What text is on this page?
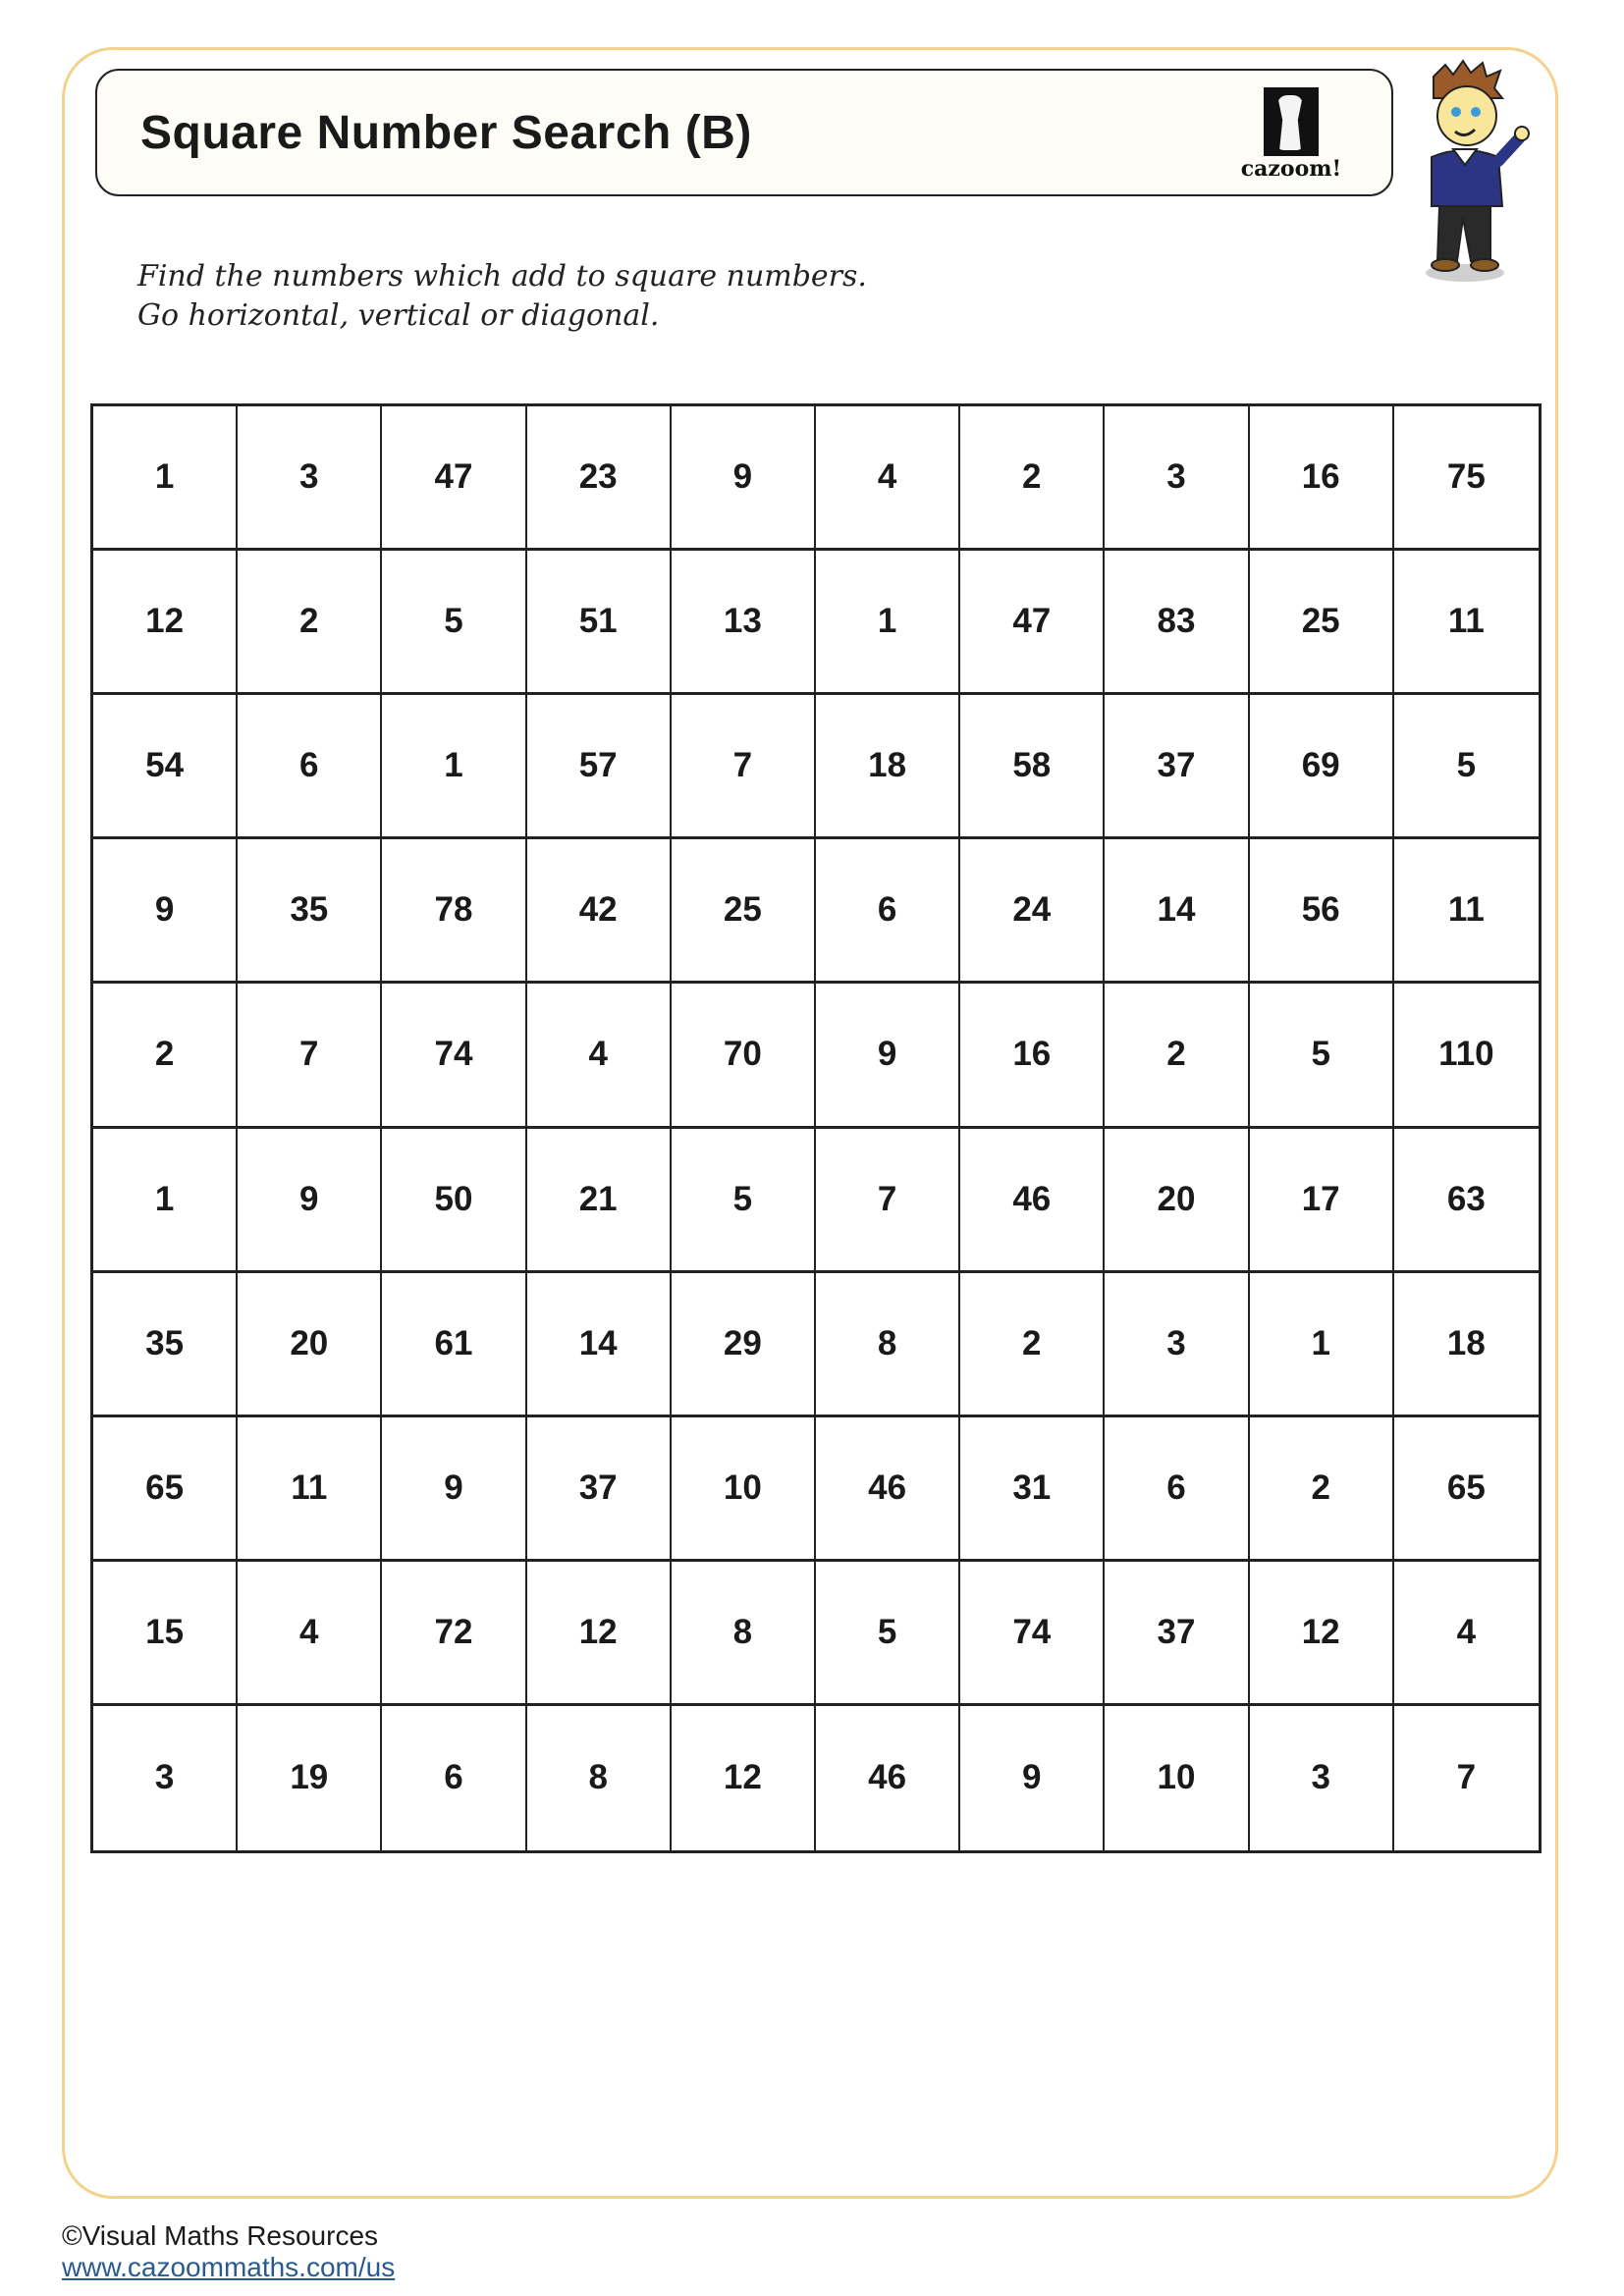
Square Number Search (B)
cazoom!
Find the numbers which add to square numbers.
Go horizontal, vertical or diagonal.
1	3	47	23	9	4	2	3	16	75
12	2	5	51	13	1	47	83	25	11
54	6	1	57	7	18	58	37	69	5
9	35	78	42	25	6	24	14	56	11
2	7	74	4	70	9	16	2	5	110
1	9	50	21	5	7	46	20	17	63
35	20	61	14	29	8	2	3	1	18
65	11	9	37	10	46	31	6	2	65
15	4	72	12	8	5	74	37	12	4
3	19	6	8	12	46	9	10	3	7
©Visual Maths Resources
www.cazoommaths.com/us
